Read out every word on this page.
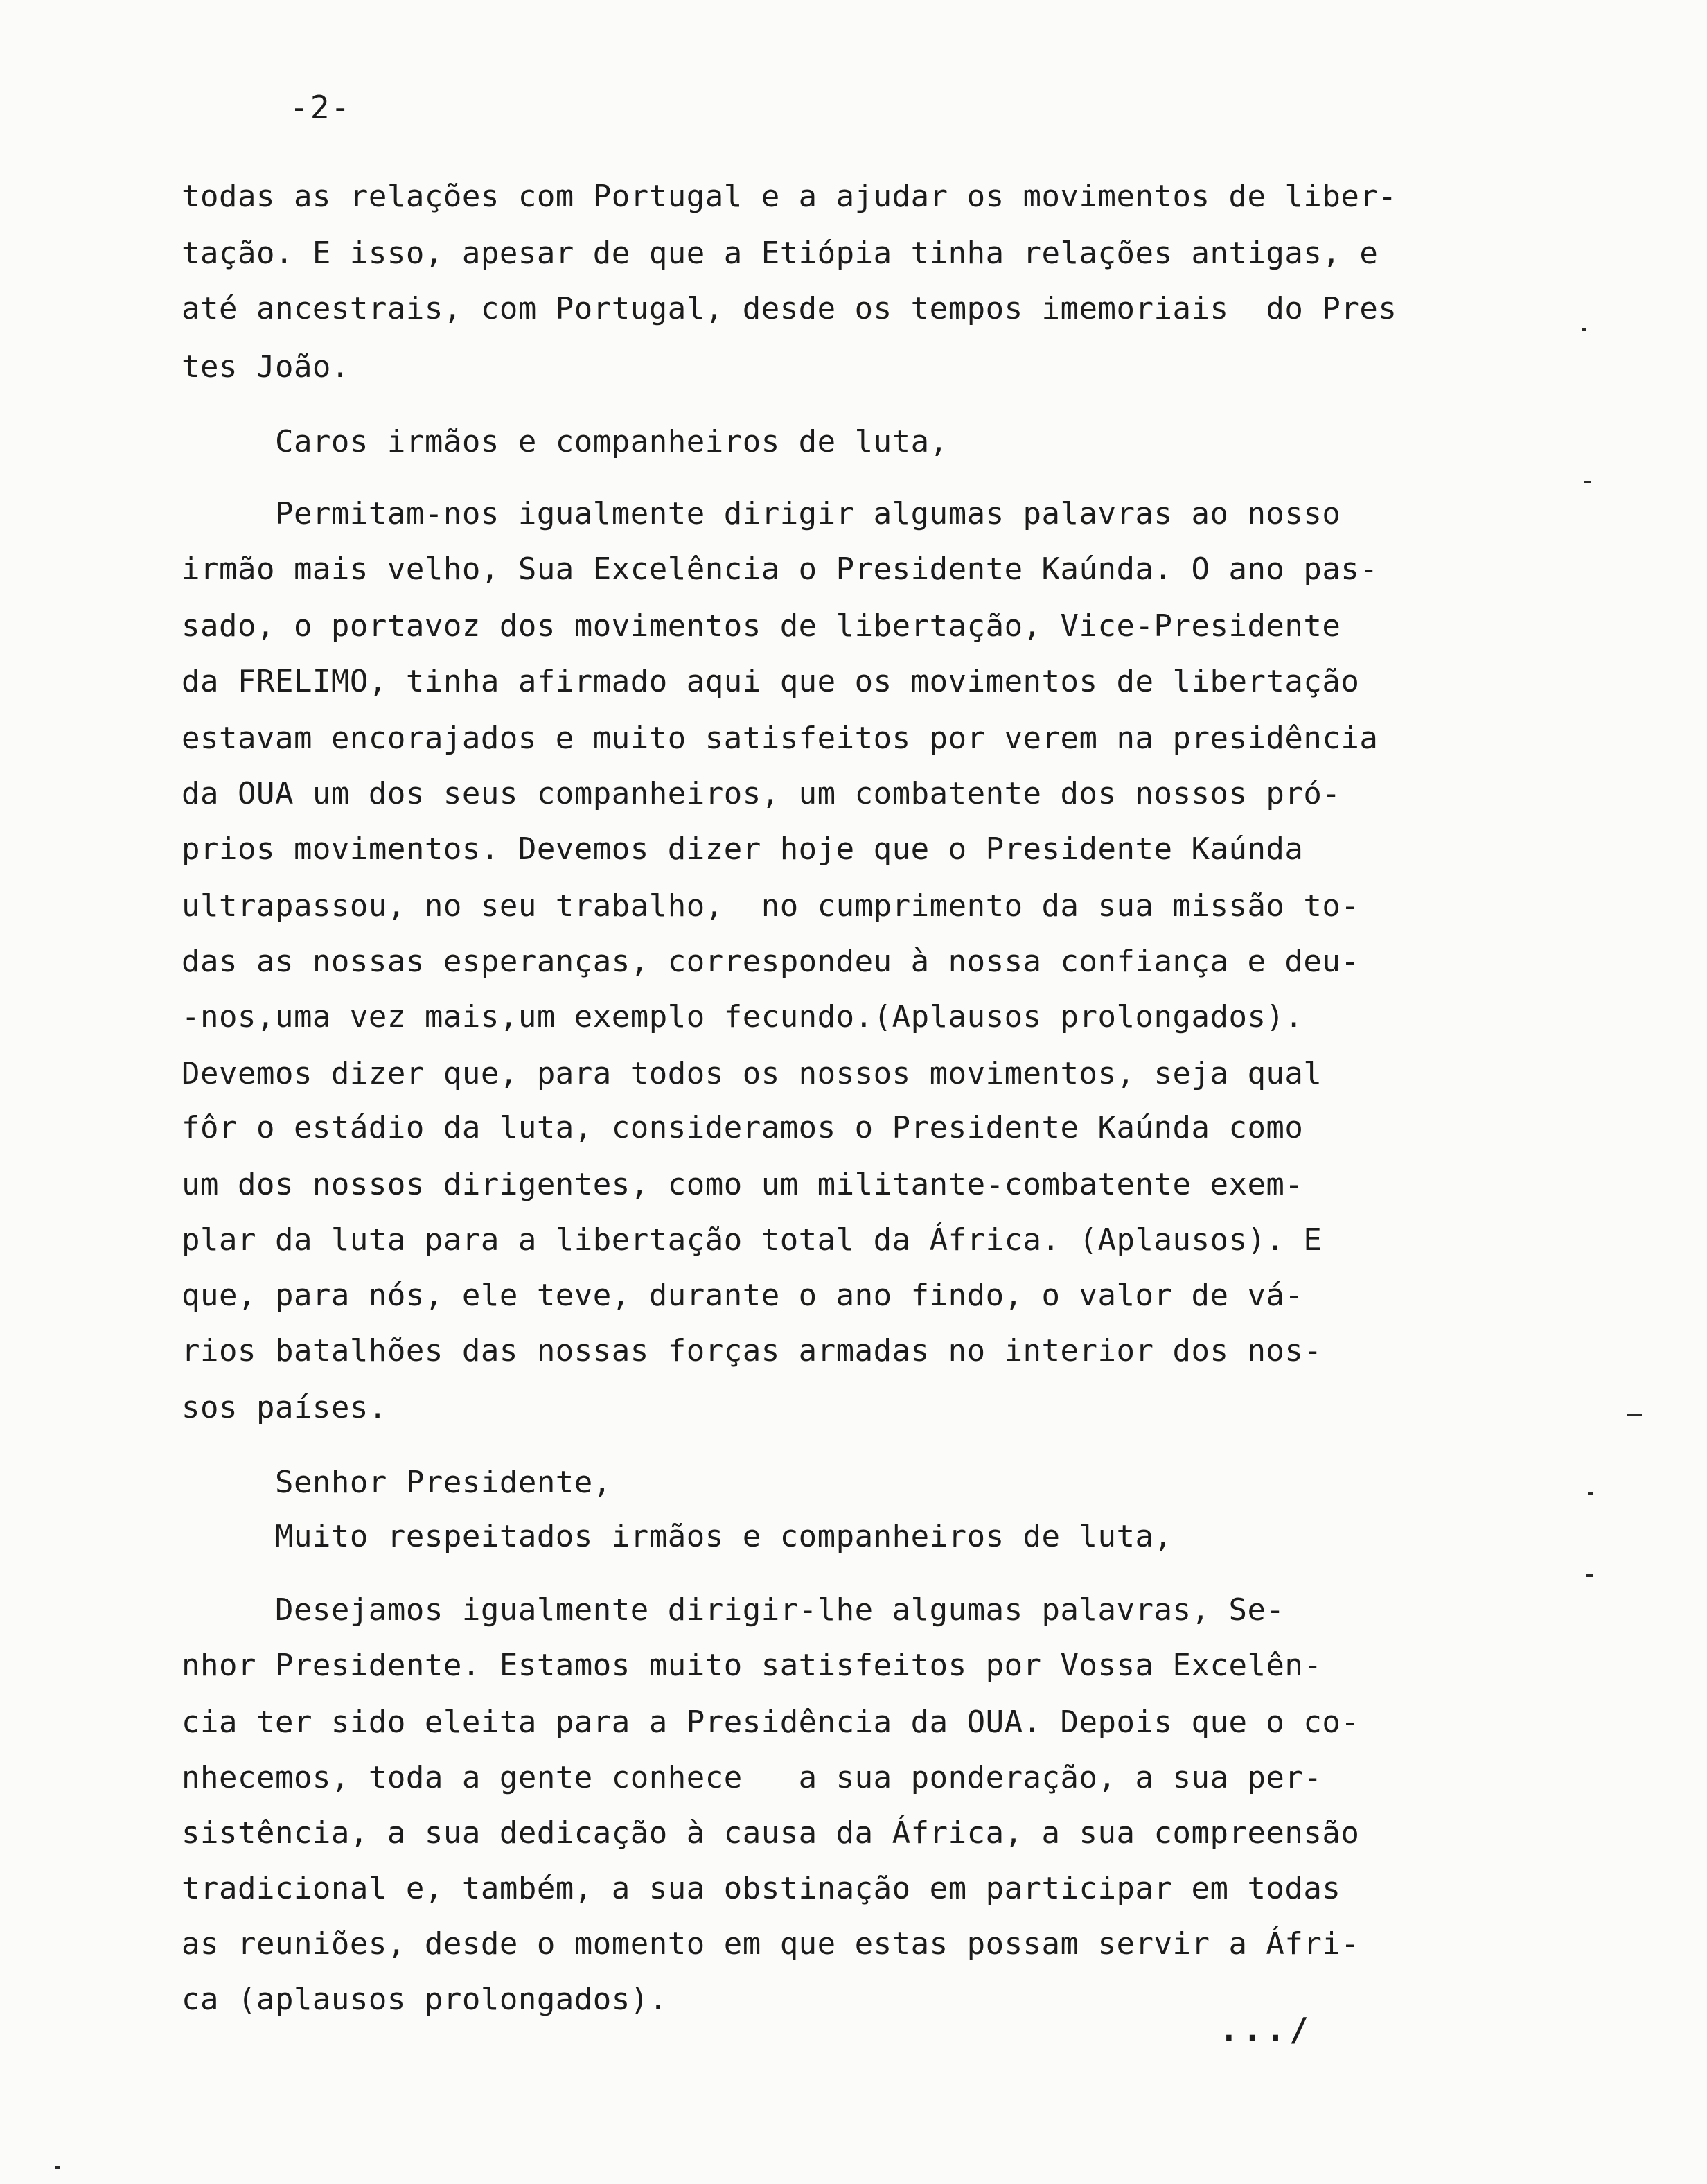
-2-
todas as relações com Portugal e a ajudar os movimentos de liber-
tação. E isso, apesar de que a Etiópia tinha relações antigas, e
até ancestrais, com Portugal, desde os tempos imemoriais  do Pres
tes João.
Caros irmãos e companheiros de luta,
Permitam-nos igualmente dirigir algumas palavras ao nosso
irmão mais velho, Sua Excelência o Presidente Kaúnda. O ano pas-
sado, o portavoz dos movimentos de libertação, Vice-Presidente
da FRELIMO, tinha afirmado aqui que os movimentos de libertação
estavam encorajados e muito satisfeitos por verem na presidência
da OUA um dos seus companheiros, um combatente dos nossos pró-
prios movimentos. Devemos dizer hoje que o Presidente Kaúnda
ultrapassou, no seu trabalho,  no cumprimento da sua missão to-
das as nossas esperanças, correspondeu à nossa confiança e deu-
-nos,uma vez mais,um exemplo fecundo.(Aplausos prolongados).
Devemos dizer que, para todos os nossos movimentos, seja qual
fôr o estádio da luta, consideramos o Presidente Kaúnda como
um dos nossos dirigentes, como um militante-combatente exem-
plar da luta para a libertação total da África. (Aplausos). E
que, para nós, ele teve, durante o ano findo, o valor de vá-
rios batalhões das nossas forças armadas no interior dos nos-
sos países.
Senhor Presidente,
Muito respeitados irmãos e companheiros de luta,
Desejamos igualmente dirigir-lhe algumas palavras, Se-
nhor Presidente. Estamos muito satisfeitos por Vossa Excelên-
cia ter sido eleita para a Presidência da OUA. Depois que o co-
nhecemos, toda a gente conhece   a sua ponderação, a sua per-
sistência, a sua dedicação à causa da África, a sua compreensão
tradicional e, também, a sua obstinação em participar em todas
as reuniões, desde o momento em que estas possam servir a Áfri-
ca (aplausos prolongados).
.../
